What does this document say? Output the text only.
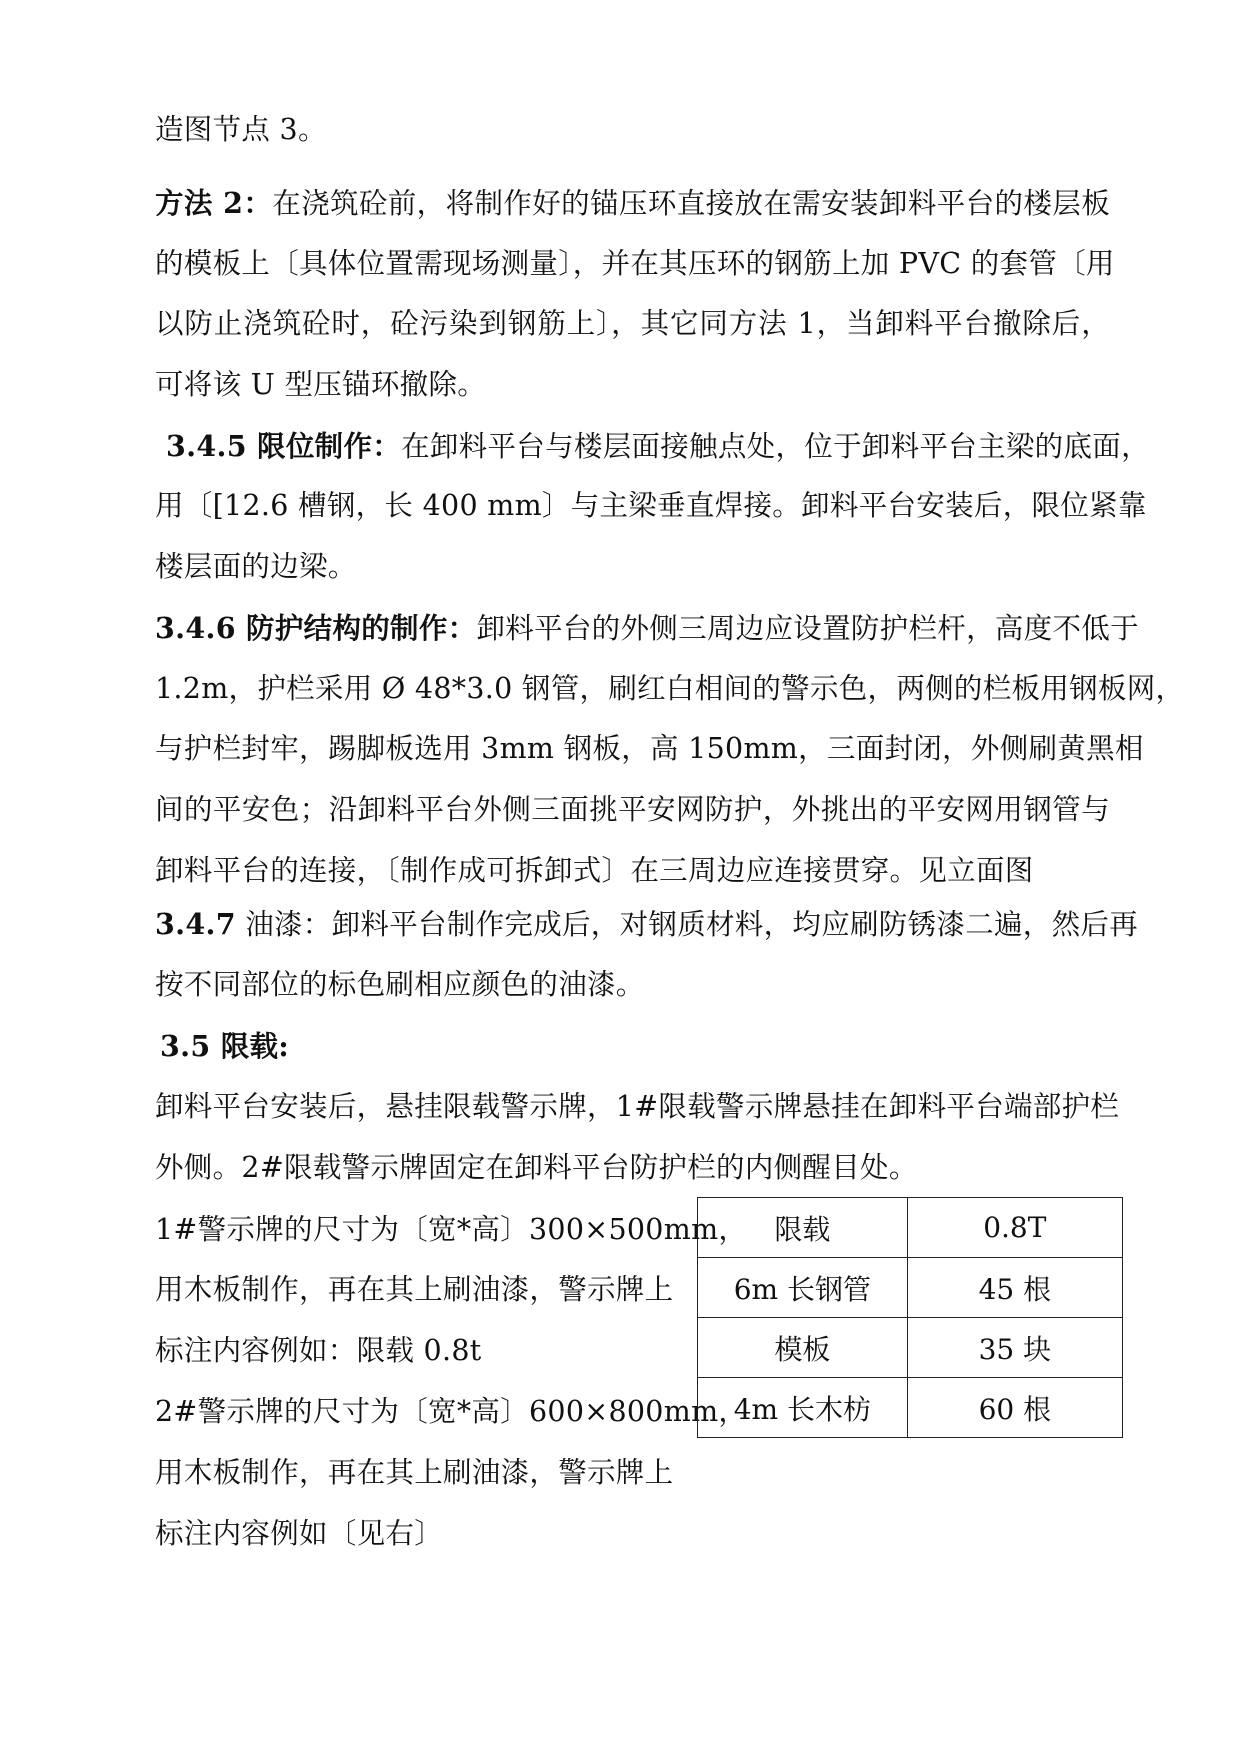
造图节点 3。

方法 2：在浇筑砼前，将制作好的锚压环直接放在需安装卸料平台的楼层板

的模板上〔具体位置需现场测量〕，并在其压环的钢筋上加 PVC 的套管〔用

以防止浇筑砼时，砼污染到钢筋上〕，其它同方法 1，当卸料平台撤除后，

可将该 U 型压锚环撤除。

3.4.5 限位制作：在卸料平台与楼层面接触点处，位于卸料平台主梁的底面，

用〔[12.6 槽钢，长 400 mm〕与主梁垂直焊接。卸料平台安装后，限位紧靠

楼层面的边梁。

3.4.6 防护结构的制作：卸料平台的外侧三周边应设置防护栏杆，高度不低于

1.2m，护栏采用 Ø 48*3.0 钢管，刷红白相间的警示色，两侧的栏板用钢板网，

与护栏封牢，踢脚板选用 3mm 钢板，高 150mm，三面封闭，外侧刷黄黑相

间的平安色；沿卸料平台外侧三面挑平安网防护，外挑出的平安网用钢管与

卸料平台的连接，〔制作成可拆卸式〕在三周边应连接贯穿。见立面图

3.4.7 油漆：卸料平台制作完成后，对钢质材料，均应刷防锈漆二遍，然后再

按不同部位的标色刷相应颜色的油漆。

3.5 限载:

卸料平台安装后，悬挂限载警示牌，1#限载警示牌悬挂在卸料平台端部护栏

外侧。2#限载警示牌固定在卸料平台防护栏的内侧醒目处。

1#警示牌的尺寸为〔宽*高〕300×500mm，

用木板制作，再在其上刷油漆，警示牌上

标注内容例如：限载 0.8t

2#警示牌的尺寸为〔宽*高〕600×800mm，

用木板制作，再在其上刷油漆，警示牌上

标注内容例如〔见右〕

限载	0.8T
6m 长钢管	45 根
模板	35 块
4m 长木枋	60 根
